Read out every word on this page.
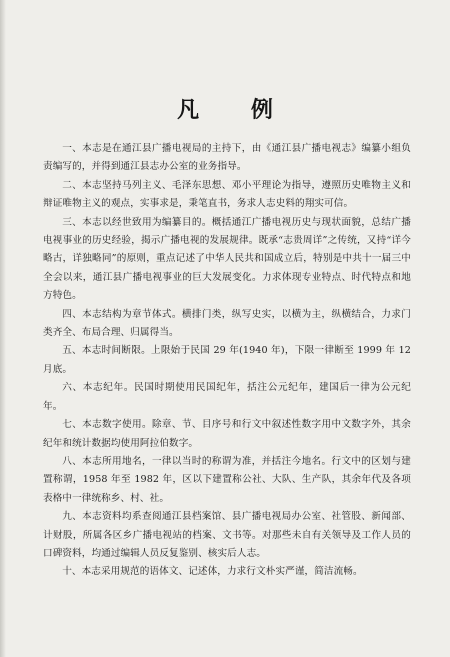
凡 例

一、本志是在通江县广播电视局的主持下，由《通江县广播电视志》编纂小组负责编写的，并得到通江县志办公室的业务指导。

二、本志坚持马列主义、毛泽东思想、邓小平理论为指导，遵照历史唯物主义和辩证唯物主义的观点，实事求是，秉笔直书，务求人志史料的翔实可信。

三、本志以经世致用为编纂目的。概括通江广播电视历史与现状面貌，总结广播电视事业的历史经验，揭示广播电视的发展规律。既承“志贵周详”之传统，又持“详今略古，详独略同”的原则，重点记述了中华人民共和国成立后，特别是中共十一届三中全会以来，通江县广播电视事业的巨大发展变化。力求体现专业特点、时代特点和地方特色。

四、本志结构为章节体式。横排门类，纵写史实，以横为主，纵横结合，力求门类齐全、布局合理、归属得当。

五、本志时间断限。上限始于民国 29 年(1940 年)，下限一律断至 1999 年 12 月底。

六、本志纪年。民国时期使用民国纪年，括注公元纪年，建国后一律为公元纪年。

七、本志数字使用。除章、节、目序号和行文中叙述性数字用中文数字外，其余纪年和统计数据均使用阿拉伯数字。

八、本志所用地名，一律以当时的称谓为准，并括注今地名。行文中的区划与建置称谓，1958 年至 1982 年，区以下建置称公社、大队、生产队，其余年代及各项表格中一律统称乡、村、社。

九、本志资料均系查阅通江县档案馆、县广播电视局办公室、社管股、新闻部、计财股，所属各区乡广播电视站的档案、文书等。对那些未自有关领导及工作人员的口碑资料，均通过编辑人员反复鉴别、核实后人志。

十、本志采用规范的语体文、记述体，力求行文朴实严谨，简洁流畅。
